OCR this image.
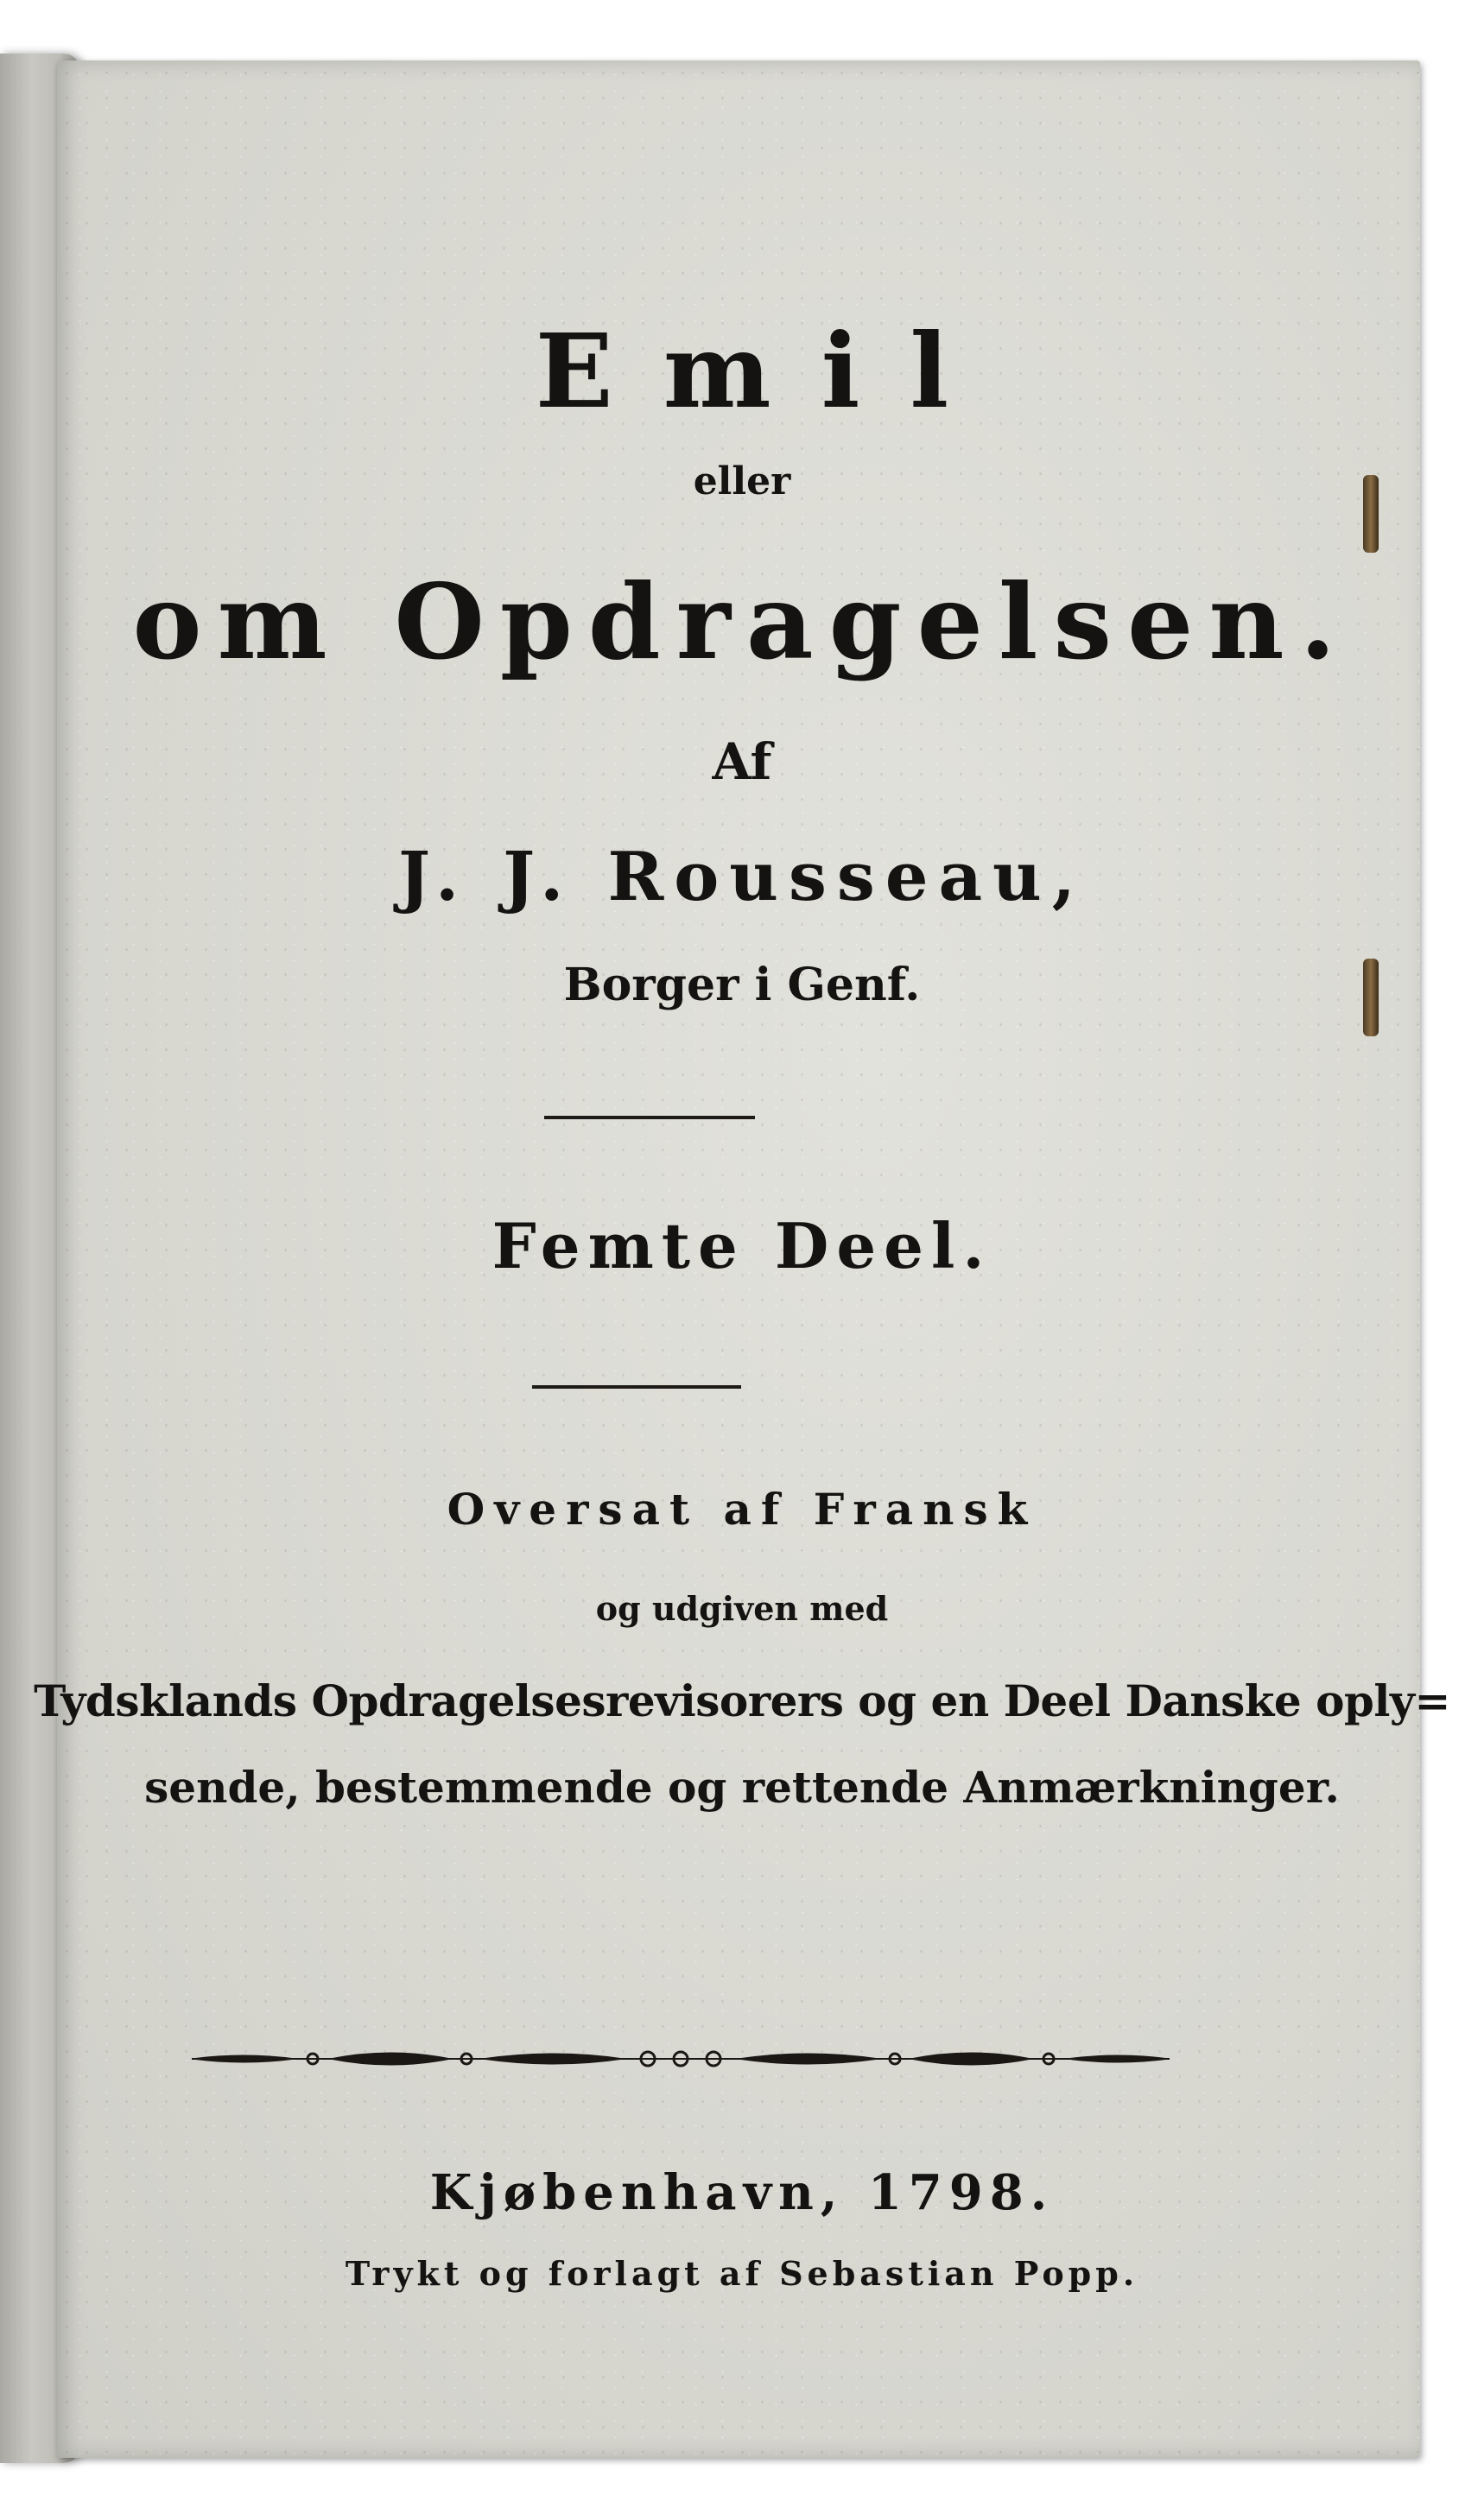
Emil
eller
om Opdragelsen.
Af
J. J. Rousseau,
Borger i Genf.
Femte Deel.
Oversat af Fransk
og udgiven med
Tydsklands Opdragelsesrevisorers og en Deel Danske oply=
sende, bestemmende og rettende Anmærkninger.
Kjøbenhavn, 1798.
Trykt og forlagt af Sebastian Popp.
